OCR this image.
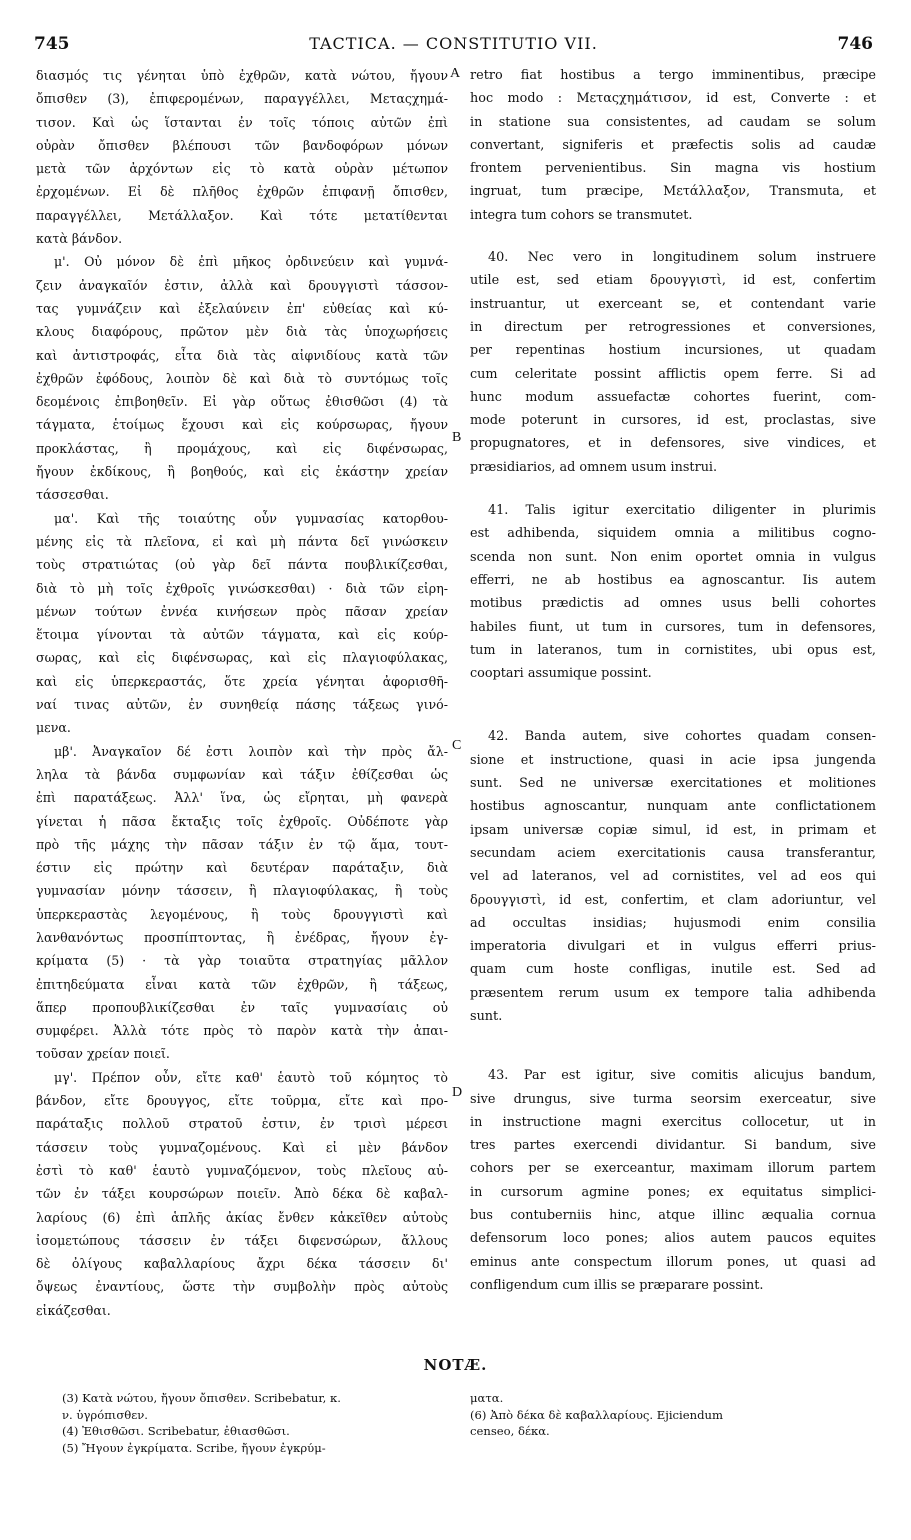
745	TACTICA. — CONSTITUTIO VII.	746
διασμός τις γένηται ὑπὸ ἐχθρῶν, κατὰ νώτου, ἤγουν
ὄπισθεν (3), ἐπιφερομένων, παραγγέλλει, Μεταςχημά-
τισον. Καὶ ὡς ἵστανται ἐν τοῖς τόποις αὐτῶν ἐπὶ
οὐρὰν ὄπισθεν βλέπουσι τῶν βανδοφόρων μόνων
μετὰ τῶν ἀρχόντων εἰς τὸ κατὰ οὐρὰν μέτωπον
ἐρχομένων. Εἰ δὲ πλῆθος ἐχθρῶν ἐπιφανῇ ὄπισθεν,
παραγγέλλει, Μετάλλαξον. Καὶ τότε μετατίθενται
κατὰ βάνδον.
μ'. Οὐ μόνον δὲ ἐπὶ μῆκος ὀρδινεύειν καὶ γυμνά-
ζειν ἀναγκαῖόν ἐστιν, ἀλλὰ καὶ δρουγγιστὶ τάσσον-
τας γυμνάζειν καὶ ἐξελαύνειν ἐπ' εὐθείας καὶ κύ-
κλους διαφόρους, πρῶτον μὲν διὰ τὰς ὑποχωρήσεις
καὶ ἀντιστροφάς, εἶτα διὰ τὰς αἰφνιδίους κατὰ τῶν
ἐχθρῶν ἐφόδους, λοιπὸν δὲ καὶ διὰ τὸ συντόμως τοῖς
δεομένοις ἐπιβοηθεῖν. Εἰ γὰρ οὕτως ἐθισθῶσι (4) τὰ
τάγματα, ἑτοίμως ἔχουσι καὶ εἰς κούρσωρας, ἤγουν
προκλάστας, ἢ προμάχους, καὶ εἰς διφένσωρας,
ἤγουν ἐκδίκους, ἢ βοηθούς, καὶ εἰς ἑκάστην χρείαν
τάσσεσθαι.
μα'. Καὶ τῆς τοιαύτης οὖν γυμνασίας κατορθου-
μένης εἰς τὰ πλεῖονα, εἰ καὶ μὴ πάντα δεῖ γινώσκειν
τοὺς στρατιώτας (οὐ γὰρ δεῖ πάντα πουβλικίζεσθαι,
διὰ τὸ μὴ τοῖς ἐχθροῖς γινώσκεσθαι) · διὰ τῶν εἰρη-
μένων τούτων ἐννέα κινήσεων πρὸς πᾶσαν χρείαν
ἕτοιμα γίνονται τὰ αὐτῶν τάγματα, καὶ εἰς κούρ-
σωρας, καὶ εἰς διφένσωρας, καὶ εἰς πλαγιοφύλακας,
καὶ εἰς ὑπερκεραστάς, ὅτε χρεία γένηται ἀφορισθῆ-
ναί τινας αὐτῶν, ἐν συνηθείᾳ πάσης τάξεως γινό-
μενα.
μβ'. Ἀναγκαῖον δέ ἐστι λοιπὸν καὶ τὴν πρὸς ἄλ-
ληλα τὰ βάνδα συμφωνίαν καὶ τάξιν ἐθίζεσθαι ὡς
ἐπὶ παρατάξεως. Ἀλλ' ἵνα, ὡς εἴρηται, μὴ φανερὰ
γίνεται ἡ πᾶσα ἔκταξις τοῖς ἐχθροῖς. Οὐδέποτε γὰρ
πρὸ τῆς μάχης τὴν πᾶσαν τάξιν ἐν τῷ ἅμα, τουτ-
έστιν εἰς πρώτην καὶ δευτέραν παράταξιν, διὰ
γυμνασίαν μόνην τάσσειν, ἢ πλαγιοφύλακας, ἢ τοὺς
ὑπερκεραστὰς λεγομένους, ἢ τοὺς δρουγγιστὶ καὶ
λανθανόντως προσπίπτοντας, ἢ ἐνέδρας, ἤγουν ἐγ-
κρίματα (5) · τὰ γὰρ τοιαῦτα στρατηγίας μᾶλλον
ἐπιτηδεύματα εἶναι κατὰ τῶν ἐχθρῶν, ἢ τάξεως,
ἅπερ προπουβλικίζεσθαι ἐν ταῖς γυμνασίαις οὐ
συμφέρει. Ἀλλὰ τότε πρὸς τὸ παρὸν κατὰ τὴν ἀπαι-
τοῦσαν χρείαν ποιεῖ.
μγ'. Πρέπον οὖν, εἴτε καθ' ἑαυτὸ τοῦ κόμητος τὸ
βάνδον, εἴτε δρουγγος, εἴτε τοῦρμα, εἴτε καὶ προ-
παράταξις πολλοῦ στρατοῦ ἐστιν, ἐν τρισὶ μέρεσι
τάσσειν τοὺς γυμναζομένους. Καὶ εἰ μὲν βάνδον
ἐστὶ τὸ καθ' ἑαυτὸ γυμναζόμενον, τοὺς πλεῖους αὐ-
τῶν ἐν τάξει κουρσώρων ποιεῖν. Ἀπὸ δέκα δὲ καβαλ-
λαρίους (6) ἐπὶ ἁπλῆς ἀκίας ἔνθεν κἀκεῖθεν αὐτοὺς
ἰσομετώπους τάσσειν ἐν τάξει διφενσώρων, ἄλλους
δὲ ὀλίγους καβαλλαρίους ἄχρι δέκα τάσσειν δι'
ὄψεως ἐναντίους, ὥστε τὴν συμβολὴν πρὸς αὐτοὺς
εἰκάζεσθαι.
retro fiat hostibus a tergo imminentibus, præcipe
hoc modo : Μεταςχημάτισον, id est, Converte : et
in statione sua consistentes, ad caudam se solum
convertant, signiferis et præfectis solis ad caudæ
frontem pervenientibus. Sin magna vis hostium
ingruat, tum præcipe, Μετάλλαξον, Transmuta, et
integra tum cohors se transmutet.
40. Nec vero in longitudinem solum instruere
utile est, sed etiam δρουγγιστὶ, id est, confertim
instruantur, ut exerceant se, et contendant varie
in directum per retrogressiones et conversiones,
per repentinas hostium incursiones, ut quadam
cum celeritate possint afflictis opem ferre. Si ad
hunc modum assuefactæ cohortes fuerint, com-
mode poterunt in cursores, id est, proclastas, sive
propugnatores, et in defensores, sive vindices, et
præsidiarios, ad omnem usum instrui.
41. Talis igitur exercitatio diligenter in plurimis
est adhibenda, siquidem omnia a militibus cogno-
scenda non sunt. Non enim oportet omnia in vulgus
efferri, ne ab hostibus ea agnoscantur. Iis autem
motibus prædictis ad omnes usus belli cohortes
habiles fiunt, ut tum in cursores, tum in defensores,
tum in lateranos, tum in cornistites, ubi opus est,
cooptari assumique possint.
42. Banda autem, sive cohortes quadam consen-
sione et instructione, quasi in acie ipsa jungenda
sunt. Sed ne universæ exercitationes et molitiones
hostibus agnoscantur, nunquam ante conflictationem
ipsam universæ copiæ simul, id est, in primam et
secundam aciem exercitationis causa transferantur,
vel ad lateranos, vel ad cornistites, vel ad eos qui
δρουγγιστὶ, id est, confertim, et clam adoriuntur, vel
ad occultas insidias; hujusmodi enim consilia
imperatoria divulgari et in vulgus efferri prius-
quam cum hoste confligas, inutile est. Sed ad
præsentem rerum usum ex tempore talia adhibenda
sunt.
43. Par est igitur, sive comitis alicujus bandum,
sive drungus, sive turma seorsim exerceatur, sive
in instructione magni exercitus collocetur, ut in
tres partes exercendi dividantur. Si bandum, sive
cohors per se exerceantur, maximam illorum partem
in cursorum agmine pones; ex equitatus simplici-
bus contuberniis hinc, atque illinc æqualia cornua
defensorum loco pones; alios autem paucos equites
eminus ante conspectum illorum pones, ut quasi ad
confligendum cum illis se præparare possint.
A
B
C
D
NOTÆ.
(3) Κατὰ νώτου, ἤγουν ὄπισθεν. Scribebatur, κ.
ν. ὑγρόπισθεν.
(4) Ἐθισθῶσι. Scribebatur, ἐθιασθῶσι.
(5) Ἤγουν ἐγκρίματα. Scribe, ἤγουν ἐγκρύμ-
ματα.
(6) Ἀπὸ δέκα δὲ καβαλλαρίους. Ejiciendum
censeo, δέκα.
